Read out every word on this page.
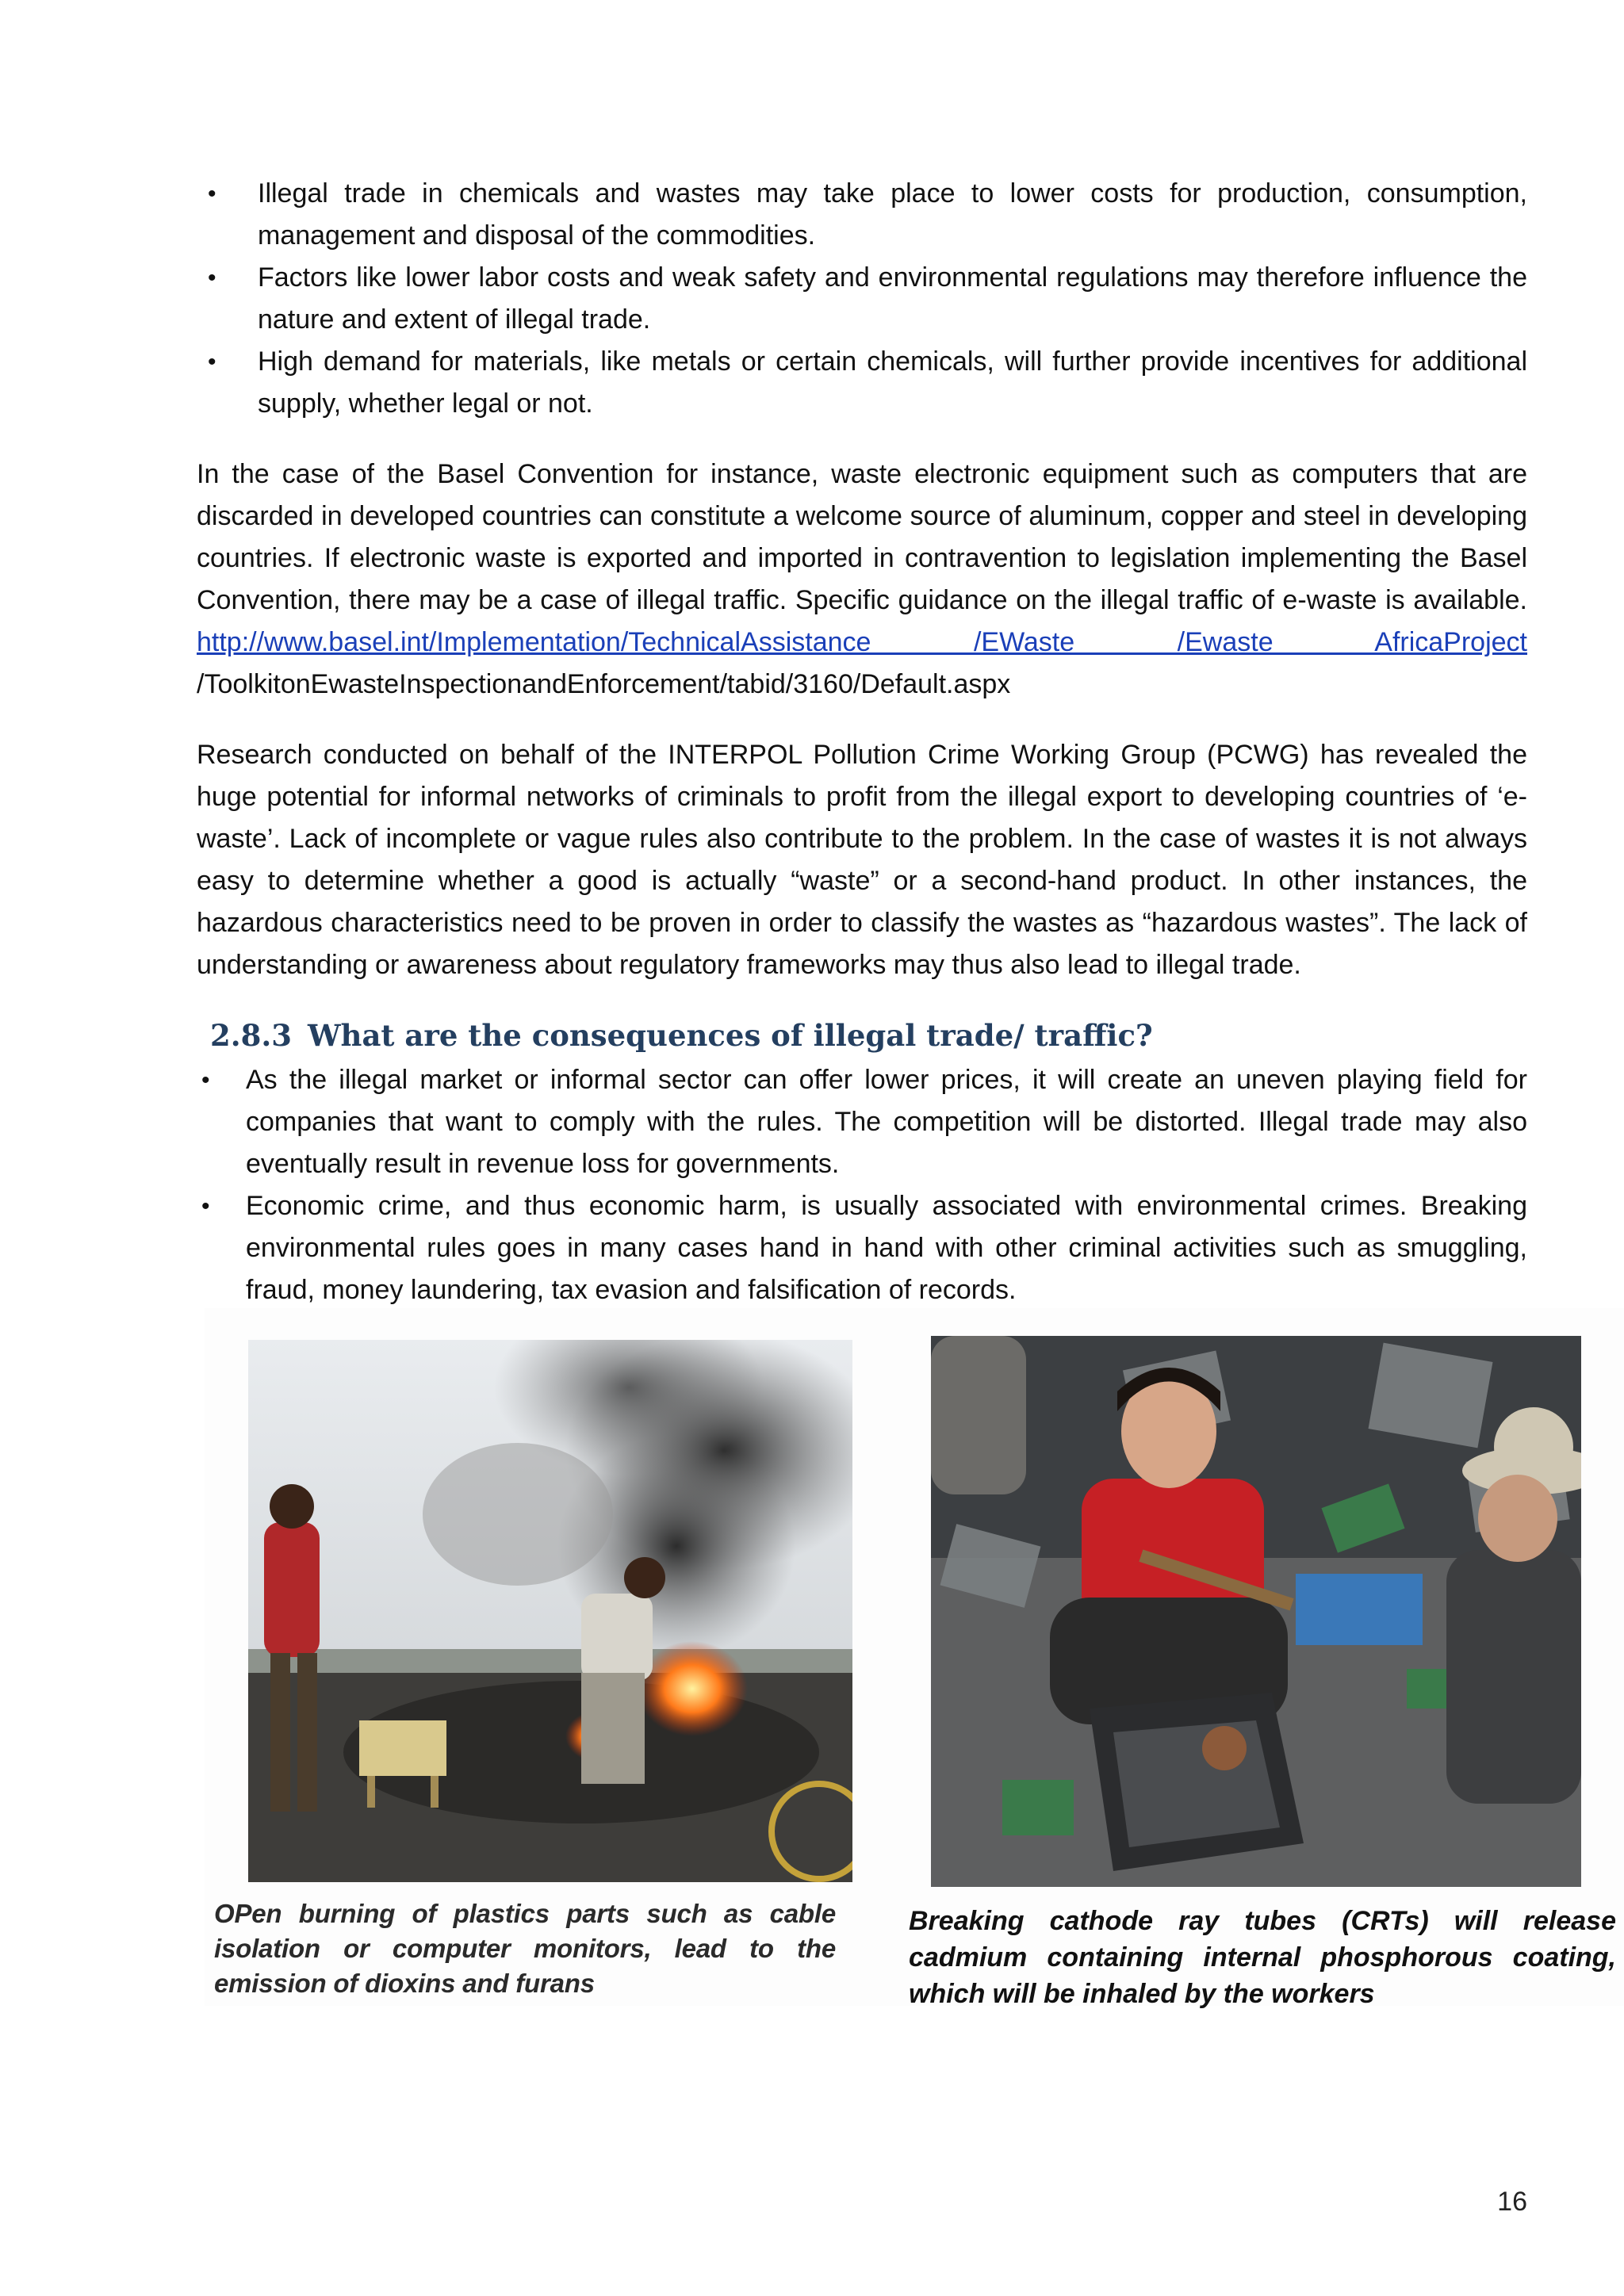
• Illegal trade in chemicals and wastes may take place to lower costs for production, consumption, management and disposal of the commodities.
• Factors like lower labor costs and weak safety and environmental regulations may therefore influence the nature and extent of illegal trade.
• High demand for materials, like metals or certain chemicals, will further provide incentives for additional supply, whether legal or not.

In the case of the Basel Convention for instance, waste electronic equipment such as computers that are discarded in developed countries can constitute a welcome source of aluminum, copper and steel in developing countries. If electronic waste is exported and imported in contravention to legislation implementing the Basel Convention, there may be a case of illegal traffic. Specific guidance on the illegal traffic of e-waste is available. http://www.basel.int/Implementation/TechnicalAssistance /EWaste /Ewaste AfricaProject /ToolkitonEwasteInspectionandEnforcement/tabid/3160/Default.aspx

Research conducted on behalf of the INTERPOL Pollution Crime Working Group (PCWG) has revealed the huge potential for informal networks of criminals to profit from the illegal export to developing countries of ‘e-waste’. Lack of incomplete or vague rules also contribute to the problem. In the case of wastes it is not always easy to determine whether a good is actually “waste” or a second-hand product. In other instances, the hazardous characteristics need to be proven in order to classify the wastes as “hazardous wastes”. The lack of understanding or awareness about regulatory frameworks may thus also lead to illegal trade.

2.8.3 What are the consequences of illegal trade/ traffic?
• As the illegal market or informal sector can offer lower prices, it will create an uneven playing field for companies that want to comply with the rules. The competition will be distorted. Illegal trade may also eventually result in revenue loss for governments.
• Economic crime, and thus economic harm, is usually associated with environmental crimes. Breaking environmental rules goes in many cases hand in hand with other criminal activities such as smuggling, fraud, money laundering, tax evasion and falsification of records.
OPen burning of plastics parts such as cable isolation or computer monitors, lead to the emission of dioxins and furans
Breaking cathode ray tubes (CRTs) will release cadmium containing internal phosphorous coating, which will be inhaled by the workers
16
